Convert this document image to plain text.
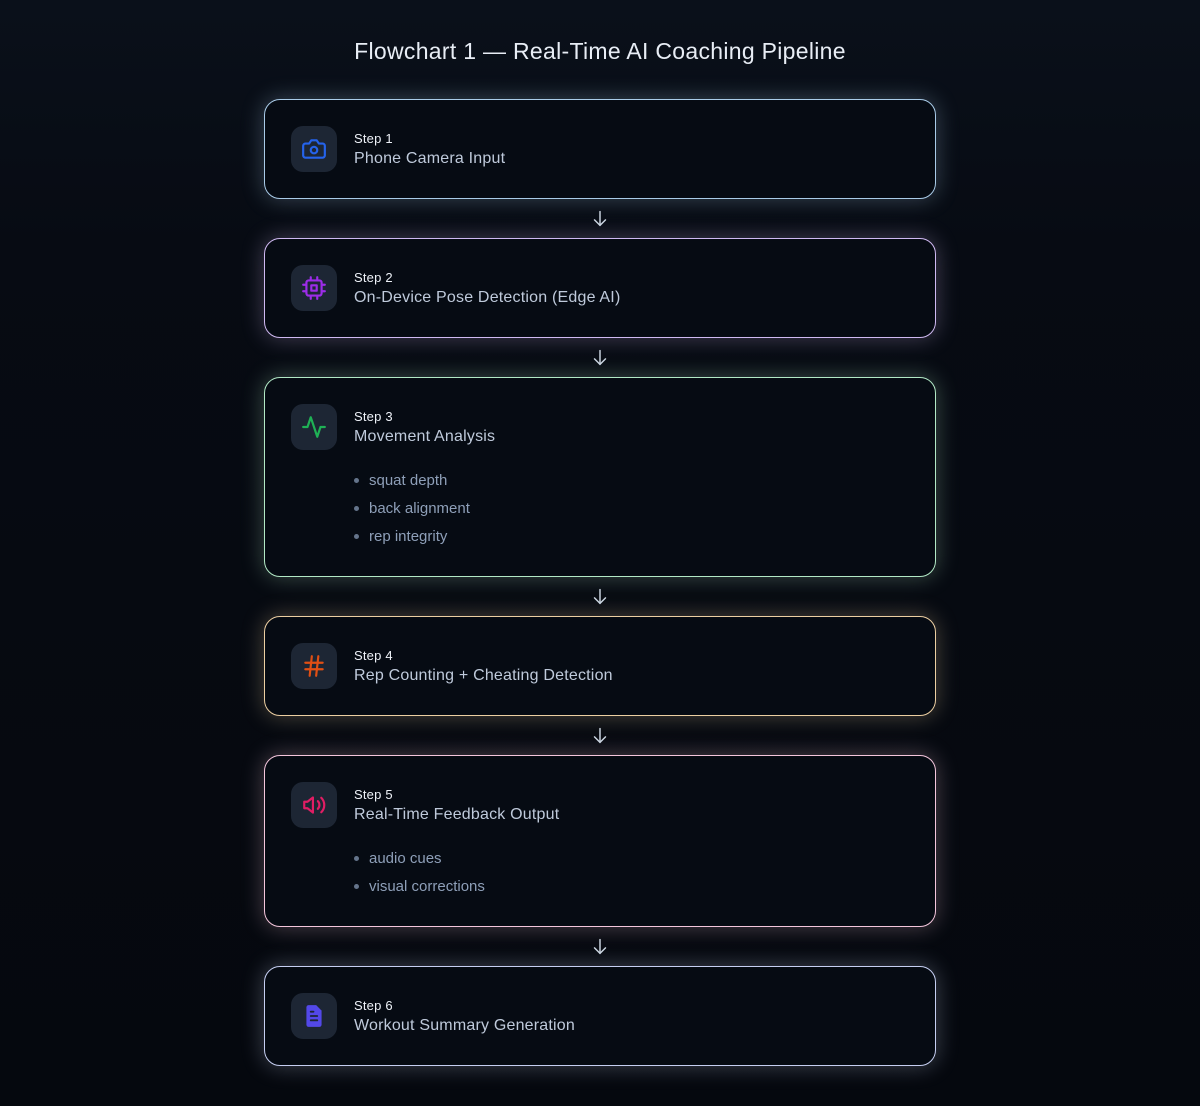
Flowchart 1 — Real-Time AI Coaching Pipeline
Step 1
Phone Camera Input
Step 2
On-Device Pose Detection (Edge AI)
Step 3
Movement Analysis
squat depth
back alignment
rep integrity
Step 4
Rep Counting + Cheating Detection
Step 5
Real-Time Feedback Output
audio cues
visual corrections
Step 6
Workout Summary Generation
